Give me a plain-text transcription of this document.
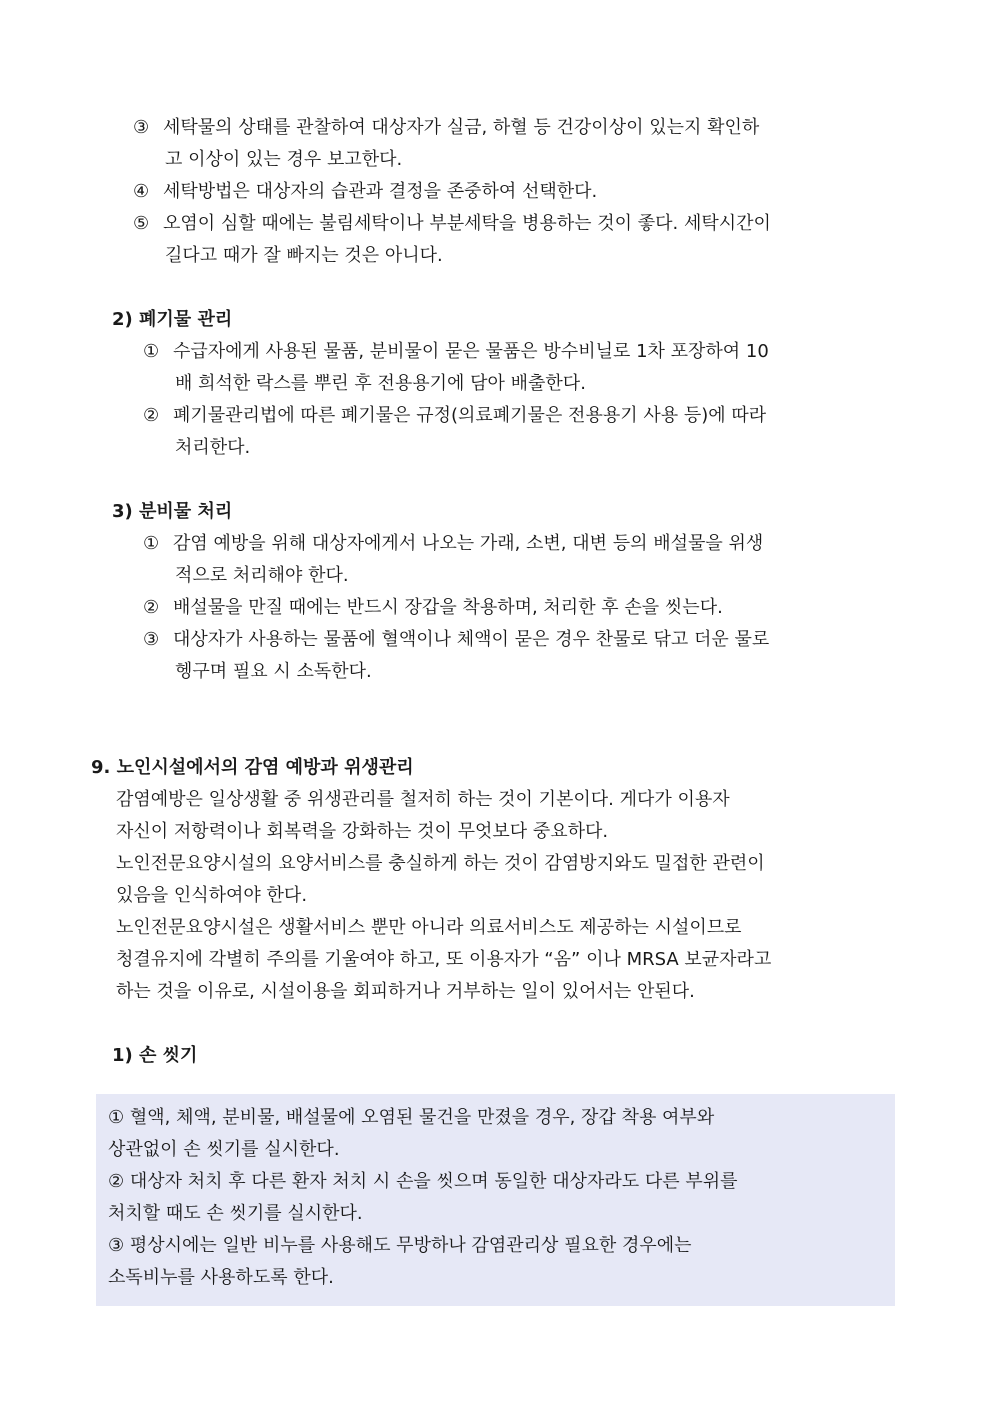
③ 세탁물의 상태를 관찰하여 대상자가 실금, 하혈 등 건강이상이 있는지 확인하
고 이상이 있는 경우 보고한다.
④ 세탁방법은 대상자의 습관과 결정을 존중하여 선택한다.
⑤ 오염이 심할 때에는 불림세탁이나 부분세탁을 병용하는 것이 좋다. 세탁시간이
길다고 때가 잘 빠지는 것은 아니다.
2) 폐기물 관리
① 수급자에게 사용된 물품, 분비물이 묻은 물품은 방수비닐로 1차 포장하여 10
배 희석한 락스를 뿌린 후 전용용기에 담아 배출한다.
② 폐기물관리법에 따른 폐기물은 규정(의료폐기물은 전용용기 사용 등)에 따라
처리한다.
3) 분비물 처리
① 감염 예방을 위해 대상자에게서 나오는 가래, 소변, 대변 등의 배설물을 위생
적으로 처리해야 한다.
② 배설물을 만질 때에는 반드시 장갑을 착용하며, 처리한 후 손을 씻는다.
③ 대상자가 사용하는 물품에 혈액이나 체액이 묻은 경우 찬물로 닦고 더운 물로
헹구며 필요 시 소독한다.
9. 노인시설에서의 감염 예방과 위생관리
감염예방은 일상생활 중 위생관리를 철저히 하는 것이 기본이다. 게다가 이용자
자신이 저항력이나 회복력을 강화하는 것이 무엇보다 중요하다.
노인전문요양시설의 요양서비스를 충실하게 하는 것이 감염방지와도 밀접한 관련이
있음을 인식하여야 한다.
노인전문요양시설은 생활서비스 뿐만 아니라 의료서비스도 제공하는 시설이므로
청결유지에 각별히 주의를 기울여야 하고, 또 이용자가 “옴” 이나 MRSA 보균자라고
하는 것을 이유로, 시설이용을 회피하거나 거부하는 일이 있어서는 안된다.
1) 손 씻기
① 혈액, 체액, 분비물, 배설물에 오염된 물건을 만졌을 경우, 장갑 착용 여부와
상관없이 손 씻기를 실시한다.
② 대상자 처치 후 다른 환자 처치 시 손을 씻으며 동일한 대상자라도 다른 부위를
처치할 때도 손 씻기를 실시한다.
③ 평상시에는 일반 비누를 사용해도 무방하나 감염관리상 필요한 경우에는
소독비누를 사용하도록 한다.
